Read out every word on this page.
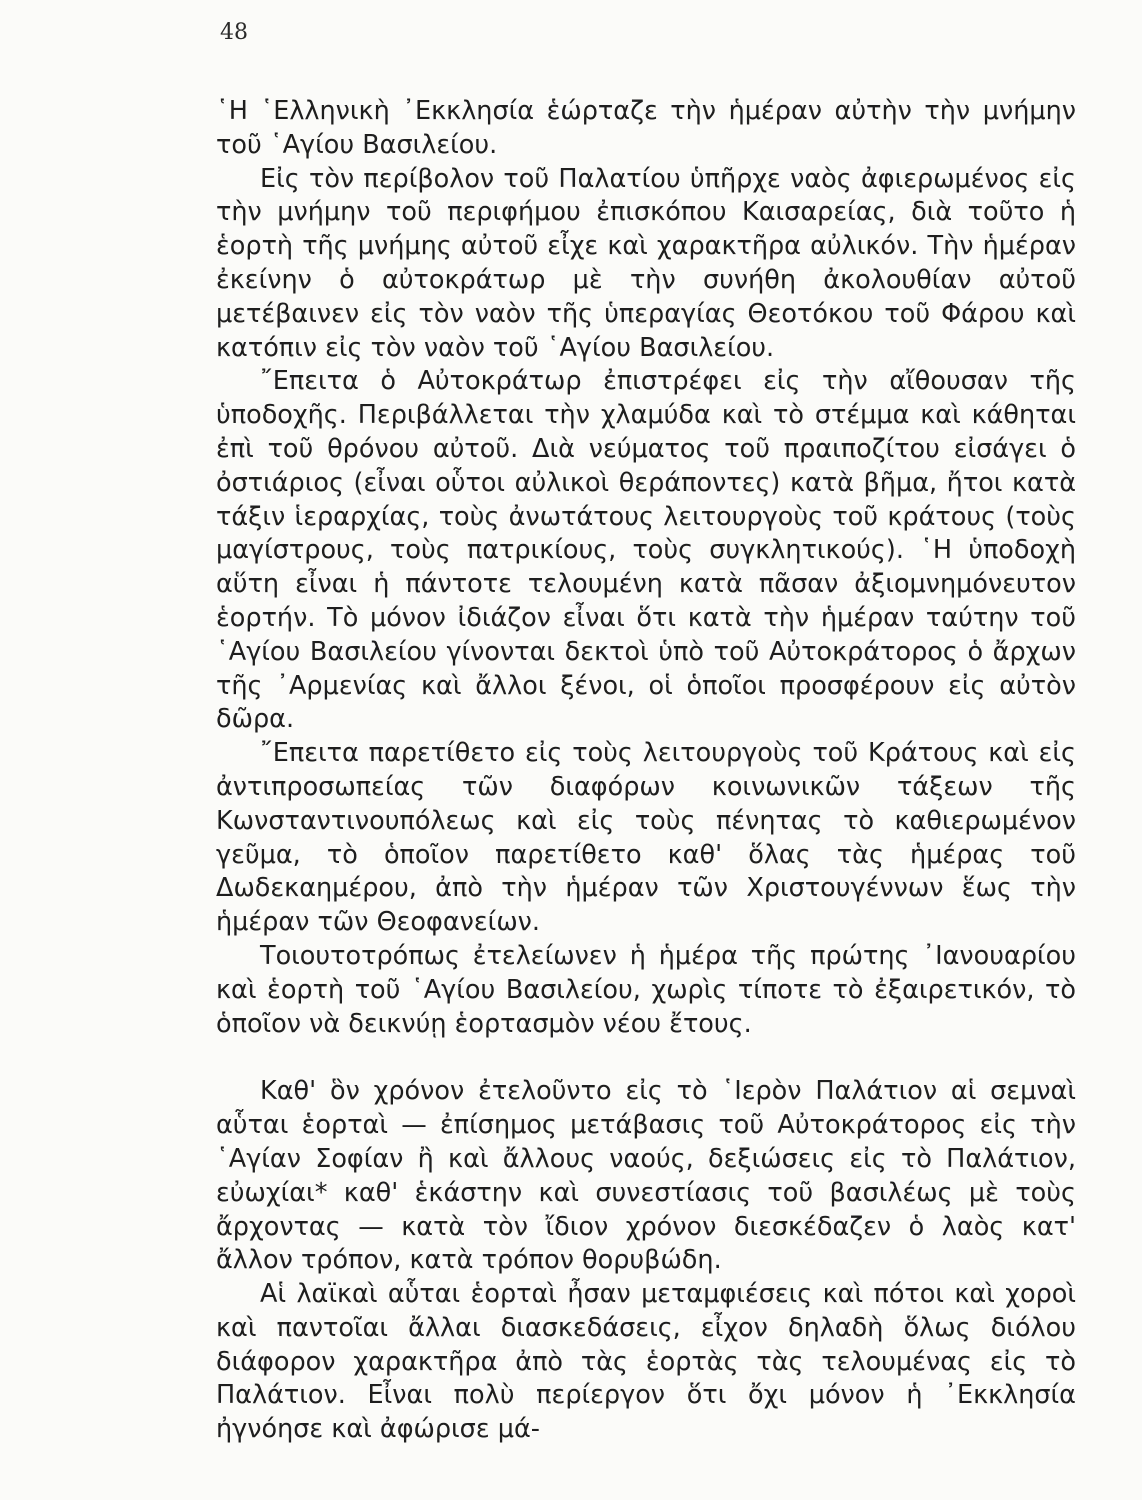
48

῾Η ῾Ελληνικὴ ᾿Εκκλησία ἑώρταζε τὴν ἡμέραν αὐτὴν τὴν μνήμην τοῦ ῾Αγίου Βασιλείου.

Εἰς τὸν περίβολον τοῦ Παλατίου ὑπῆρχε ναὸς ἀφιερωμένος εἰς τὴν μνήμην τοῦ περιφήμου ἐπισκόπου Καισαρείας, διὰ τοῦτο ἡ ἑορτὴ τῆς μνήμης αὐτοῦ εἶχε καὶ χαρακτῆρα αὐλικόν. Τὴν ἡμέραν ἐκείνην ὁ αὐτοκράτωρ μὲ τὴν συνήθη ἀκολουθίαν αὐτοῦ μετέβαινεν εἰς τὸν ναὸν τῆς ὑπεραγίας Θεοτόκου τοῦ Φάρου καὶ κατόπιν εἰς τὸν ναὸν τοῦ ῾Αγίου Βασιλείου.

῎Επειτα ὁ Αὐτοκράτωρ ἐπιστρέφει εἰς τὴν αἴθουσαν τῆς ὑποδοχῆς. Περιβάλλεται τὴν χλαμύδα καὶ τὸ στέμμα καὶ κάθηται ἐπὶ τοῦ θρόνου αὐτοῦ. Διὰ νεύματος τοῦ πραιποζίτου εἰσάγει ὁ ὀστιάριος (εἶναι οὗτοι αὐλικοὶ θεράποντες) κατὰ βῆμα, ἤτοι κατὰ τάξιν ἱεραρχίας, τοὺς ἀνωτάτους λειτουργοὺς τοῦ κράτους (τοὺς μαγίστρους, τοὺς πατρικίους, τοὺς συγκλητικούς). ῾Η ὑποδοχὴ αὕτη εἶναι ἡ πάντοτε τελουμένη κατὰ πᾶσαν ἀξιομνημόνευτον ἑορτήν. Τὸ μόνον ἰδιάζον εἶναι ὅτι κατὰ τὴν ἡμέραν ταύτην τοῦ ῾Αγίου Βασιλείου γίνονται δεκτοὶ ὑπὸ τοῦ Αὐτοκράτορος ὁ ἄρχων τῆς ᾿Αρμενίας καὶ ἄλλοι ξένοι, οἱ ὁποῖοι προσφέρουν εἰς αὐτὸν δῶρα.

῎Επειτα παρετίθετο εἰς τοὺς λειτουργοὺς τοῦ Κράτους καὶ εἰς ἀντιπροσωπείας τῶν διαφόρων κοινωνικῶν τάξεων τῆς Κωνσταντινουπόλεως καὶ εἰς τοὺς πένητας τὸ καθιερωμένον γεῦμα, τὸ ὁποῖον παρετίθετο καθ' ὅλας τὰς ἡμέρας τοῦ Δωδεκαημέρου, ἀπὸ τὴν ἡμέραν τῶν Χριστουγέννων ἕως τὴν ἡμέραν τῶν Θεοφανείων.

Τοιουτοτρόπως ἐτελείωνεν ἡ ἡμέρα τῆς πρώτης ᾿Ιανουαρίου καὶ ἑορτὴ τοῦ ῾Αγίου Βασιλείου, χωρὶς τίποτε τὸ ἐξαιρετικόν, τὸ ὁποῖον νὰ δεικνύῃ ἑορτασμὸν νέου ἔτους.

Καθ' ὃν χρόνον ἐτελοῦντο εἰς τὸ ῾Ιερὸν Παλάτιον αἱ σεμναὶ αὗται ἑορταὶ — ἐπίσημος μετάβασις τοῦ Αὐτοκράτορος εἰς τὴν ῾Αγίαν Σοφίαν ἢ καὶ ἄλλους ναούς, δεξιώσεις εἰς τὸ Παλάτιον, εὐωχίαι* καθ' ἑκάστην καὶ συνεστίασις τοῦ βασιλέως μὲ τοὺς ἄρχοντας — κατὰ τὸν ἴδιον χρόνον διεσκέδαζεν ὁ λαὸς κατ' ἄλλον τρόπον, κατὰ τρόπον θορυβώδη.

Αἱ λαϊκαὶ αὗται ἑορταὶ ἦσαν μεταμφιέσεις καὶ πότοι καὶ χοροὶ καὶ παντοῖαι ἄλλαι διασκεδάσεις, εἶχον δηλαδὴ ὅλως διόλου διάφορον χαρακτῆρα ἀπὸ τὰς ἑορτὰς τὰς τελουμένας εἰς τὸ Παλάτιον. Εἶναι πολὺ περίεργον ὅτι ὄχι μόνον ἡ ᾿Εκκλησία ἠγνόησε καὶ ἀφώρισε μά-
